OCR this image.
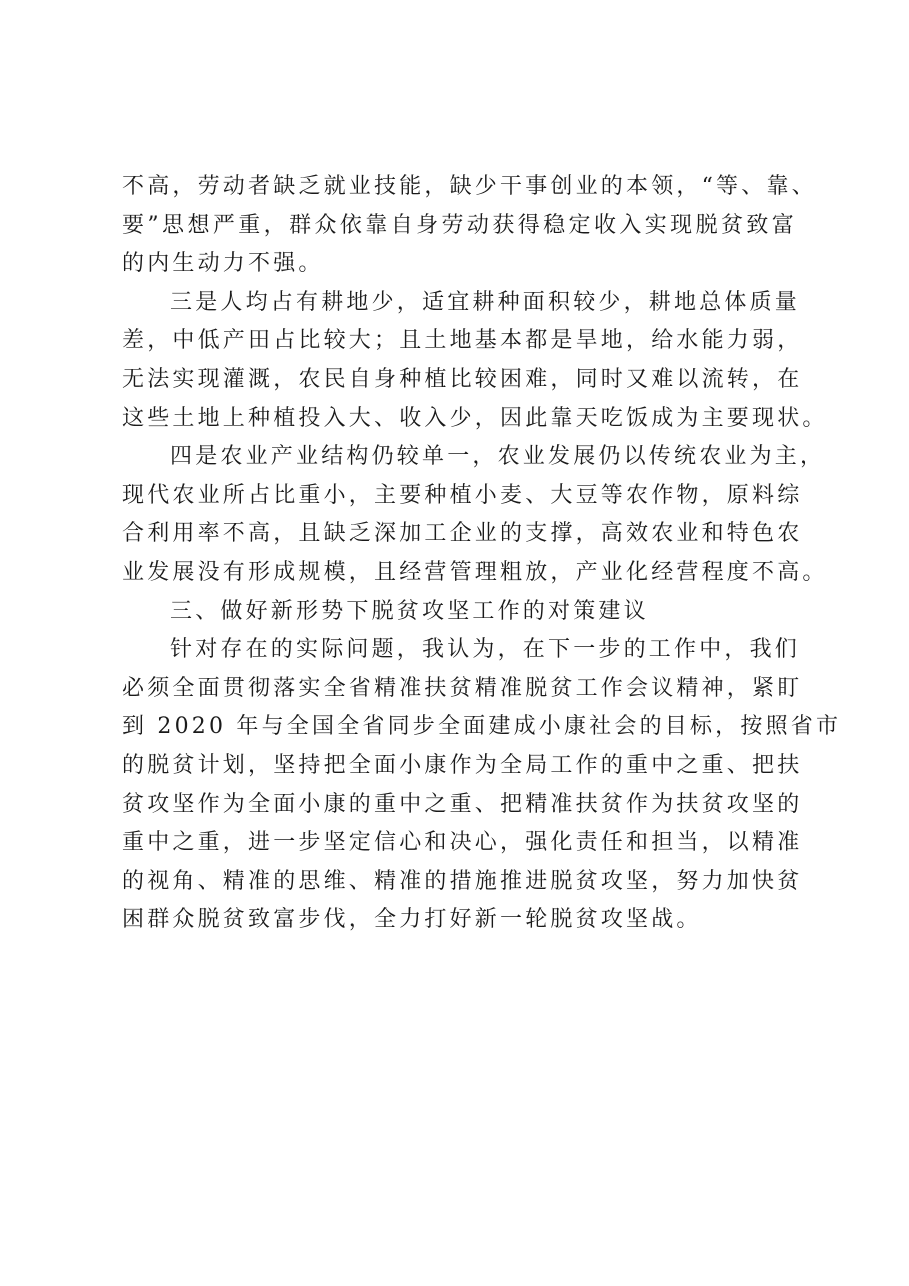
不高，劳动者缺乏就业技能，缺少干事创业的本领，“等、靠、
要”思想严重，群众依靠自身劳动获得稳定收入实现脱贫致富
的内生动力不强。
三是人均占有耕地少，适宜耕种面积较少，耕地总体质量
差，中低产田占比较大；且土地基本都是旱地，给水能力弱，
无法实现灌溉，农民自身种植比较困难，同时又难以流转，在
这些土地上种植投入大、收入少，因此靠天吃饭成为主要现状。
四是农业产业结构仍较单一，农业发展仍以传统农业为主，
现代农业所占比重小，主要种植小麦、大豆等农作物，原料综
合利用率不高，且缺乏深加工企业的支撑，高效农业和特色农
业发展没有形成规模，且经营管理粗放，产业化经营程度不高。
三、做好新形势下脱贫攻坚工作的对策建议
针对存在的实际问题，我认为，在下一步的工作中，我们
必须全面贯彻落实全省精准扶贫精准脱贫工作会议精神，紧盯
到 2020 年与全国全省同步全面建成小康社会的目标，按照省市
的脱贫计划，坚持把全面小康作为全局工作的重中之重、把扶
贫攻坚作为全面小康的重中之重、把精准扶贫作为扶贫攻坚的
重中之重，进一步坚定信心和决心，强化责任和担当，以精准
的视角、精准的思维、精准的措施推进脱贫攻坚，努力加快贫
困群众脱贫致富步伐，全力打好新一轮脱贫攻坚战。
